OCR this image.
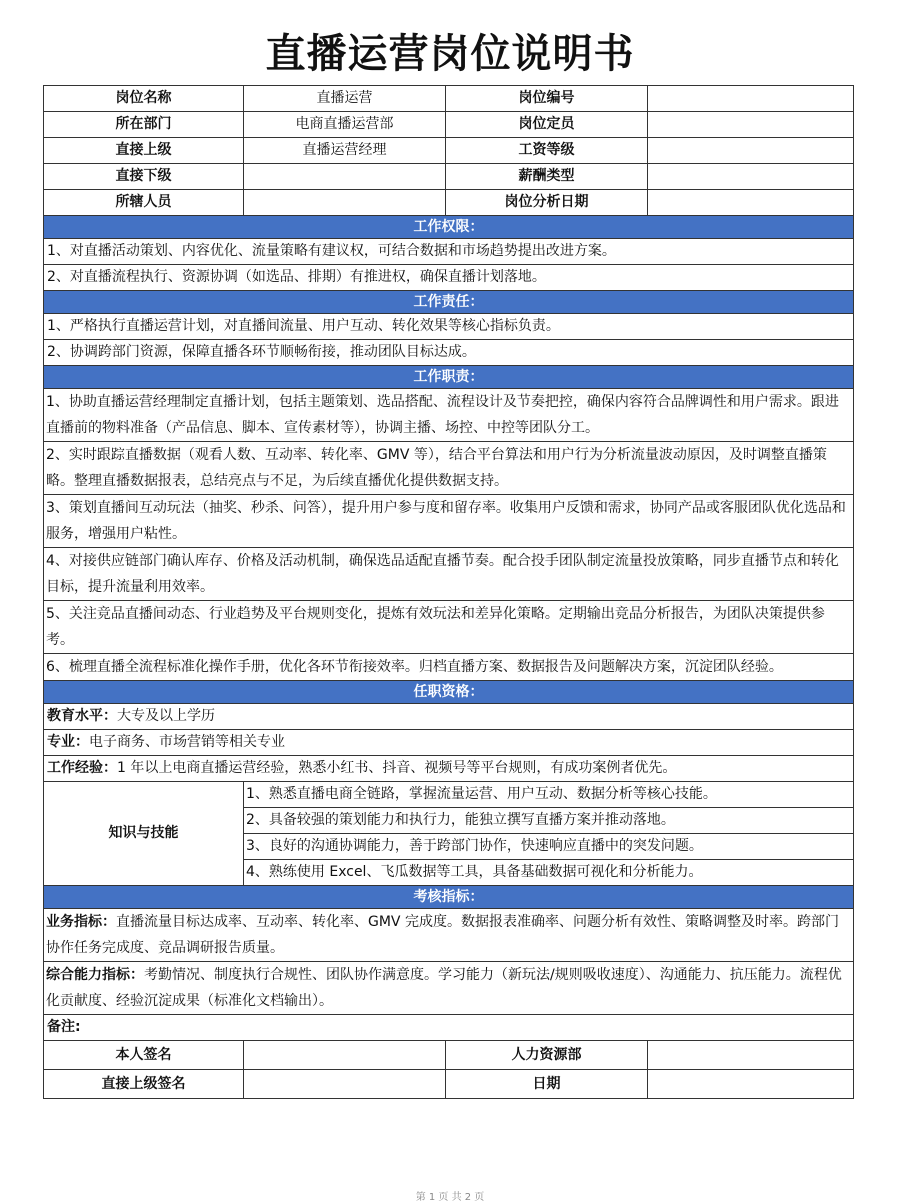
直播运营岗位说明书
岗位名称	直播运营	岗位编号	
所在部门	电商直播运营部	岗位定员	
直接上级	直播运营经理	工资等级	
直接下级		薪酬类型	
所辖人员		岗位分析日期	
工作权限：			
1、对直播活动策划、内容优化、流量策略有建议权，可结合数据和市场趋势提出改进方案。			
2、对直播流程执行、资源协调（如选品、排期）有推进权，确保直播计划落地。			
工作责任：			
1、严格执行直播运营计划，对直播间流量、用户互动、转化效果等核心指标负责。			
2、协调跨部门资源，保障直播各环节顺畅衔接，推动团队目标达成。			
工作职责：			
1、协助直播运营经理制定直播计划，包括主题策划、选品搭配、流程设计及节奏把控，确保内容符合品牌调性和用户需求。跟进直播前的物料准备（产品信息、脚本、宣传素材等），协调主播、场控、中控等团队分工。			
2、实时跟踪直播数据（观看人数、互动率、转化率、GMV 等），结合平台算法和用户行为分析流量波动原因，及时调整直播策略。整理直播数据报表，总结亮点与不足，为后续直播优化提供数据支持。			
3、策划直播间互动玩法（抽奖、秒杀、问答），提升用户参与度和留存率。收集用户反馈和需求，协同产品或客服团队优化选品和服务，增强用户粘性。			
4、对接供应链部门确认库存、价格及活动机制，确保选品适配直播节奏。配合投手团队制定流量投放策略，同步直播节点和转化目标，提升流量利用效率。			
5、关注竞品直播间动态、行业趋势及平台规则变化，提炼有效玩法和差异化策略。定期输出竞品分析报告，为团队决策提供参考。			
6、梳理直播全流程标准化操作手册，优化各环节衔接效率。归档直播方案、数据报告及问题解决方案，沉淀团队经验。			
任职资格：			
教育水平：大专及以上学历			
专业：电子商务、市场营销等相关专业			
工作经验：1 年以上电商直播运营经验，熟悉小红书、抖音、视频号等平台规则，有成功案例者优先。			
知识与技能	1、熟悉直播电商全链路，掌握流量运营、用户互动、数据分析等核心技能。		
	2、具备较强的策划能力和执行力，能独立撰写直播方案并推动落地。		
	3、良好的沟通协调能力，善于跨部门协作，快速响应直播中的突发问题。		
	4、熟练使用 Excel、飞瓜数据等工具，具备基础数据可视化和分析能力。		
考核指标：			
业务指标：直播流量目标达成率、互动率、转化率、GMV 完成度。数据报表准确率、问题分析有效性、策略调整及时率。跨部门协作任务完成度、竞品调研报告质量。			
综合能力指标：考勤情况、制度执行合规性、团队协作满意度。学习能力（新玩法/规则吸收速度）、沟通能力、抗压能力。流程优化贡献度、经验沉淀成果（标准化文档输出）。			
备注:			
本人签名		人力资源部	
直接上级签名		日期	
第 1 页 共 2 页
